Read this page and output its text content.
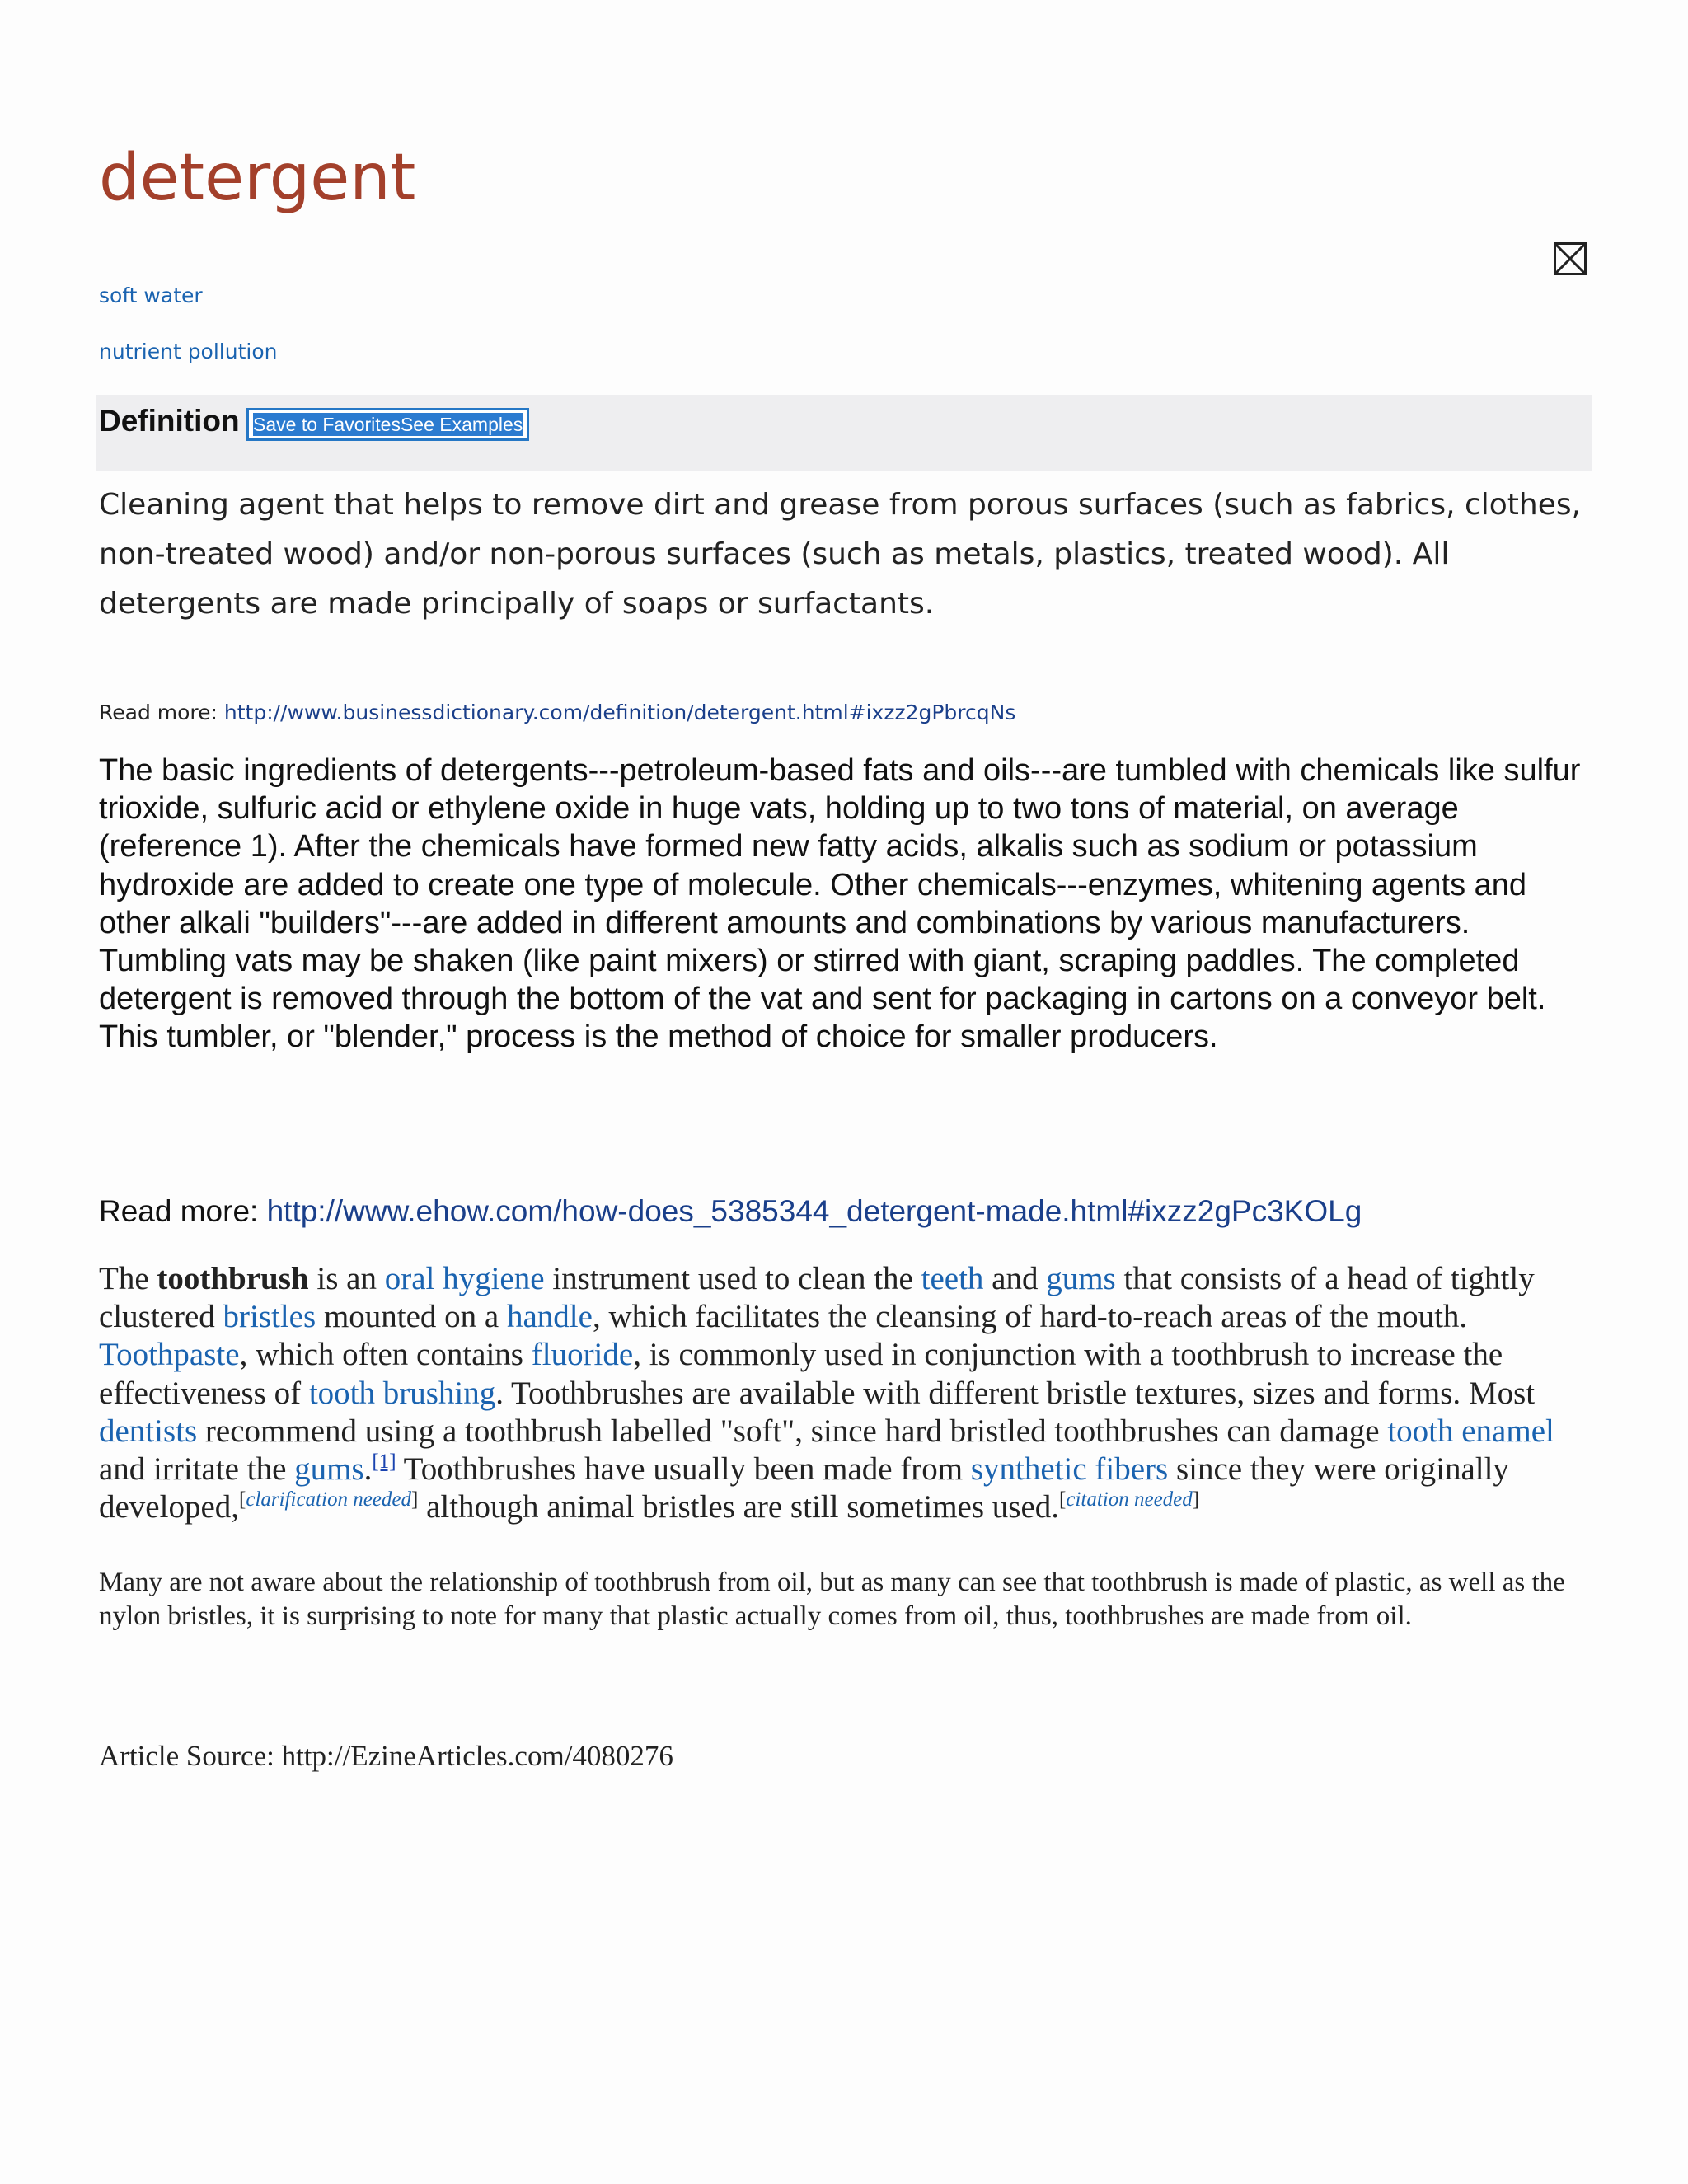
detergent
soft water
nutrient pollution
Definition Save to FavoritesSee Examples

Cleaning agent that helps to remove dirt and grease from porous surfaces (such as fabrics, clothes, non-treated wood) and/or non-porous surfaces (such as metals, plastics, treated wood). All detergents are made principally of soaps or surfactants.

Read more: http://www.businessdictionary.com/definition/detergent.html#ixzz2gPbrcqNs

The basic ingredients of detergents---petroleum-based fats and oils---are tumbled with chemicals like sulfur trioxide, sulfuric acid or ethylene oxide in huge vats, holding up to two tons of material, on average (reference 1). After the chemicals have formed new fatty acids, alkalis such as sodium or potassium hydroxide are added to create one type of molecule. Other chemicals---enzymes, whitening agents and other alkali "builders"---are added in different amounts and combinations by various manufacturers. Tumbling vats may be shaken (like paint mixers) or stirred with giant, scraping paddles. The completed detergent is removed through the bottom of the vat and sent for packaging in cartons on a conveyor belt. This tumbler, or "blender," process is the method of choice for smaller producers.

Read more: http://www.ehow.com/how-does_5385344_detergent-made.html#ixzz2gPc3KOLg

The toothbrush is an oral hygiene instrument used to clean the teeth and gums that consists of a head of tightly clustered bristles mounted on a handle, which facilitates the cleansing of hard-to-reach areas of the mouth. Toothpaste, which often contains fluoride, is commonly used in conjunction with a toothbrush to increase the effectiveness of tooth brushing. Toothbrushes are available with different bristle textures, sizes and forms. Most dentists recommend using a toothbrush labelled "soft", since hard bristled toothbrushes can damage tooth enamel and irritate the gums.[1] Toothbrushes have usually been made from synthetic fibers since they were originally developed,[clarification needed] although animal bristles are still sometimes used.[citation needed]

Many are not aware about the relationship of toothbrush from oil, but as many can see that toothbrush is made of plastic, as well as the nylon bristles, it is surprising to note for many that plastic actually comes from oil, thus, toothbrushes are made from oil.

Article Source: http://EzineArticles.com/4080276
